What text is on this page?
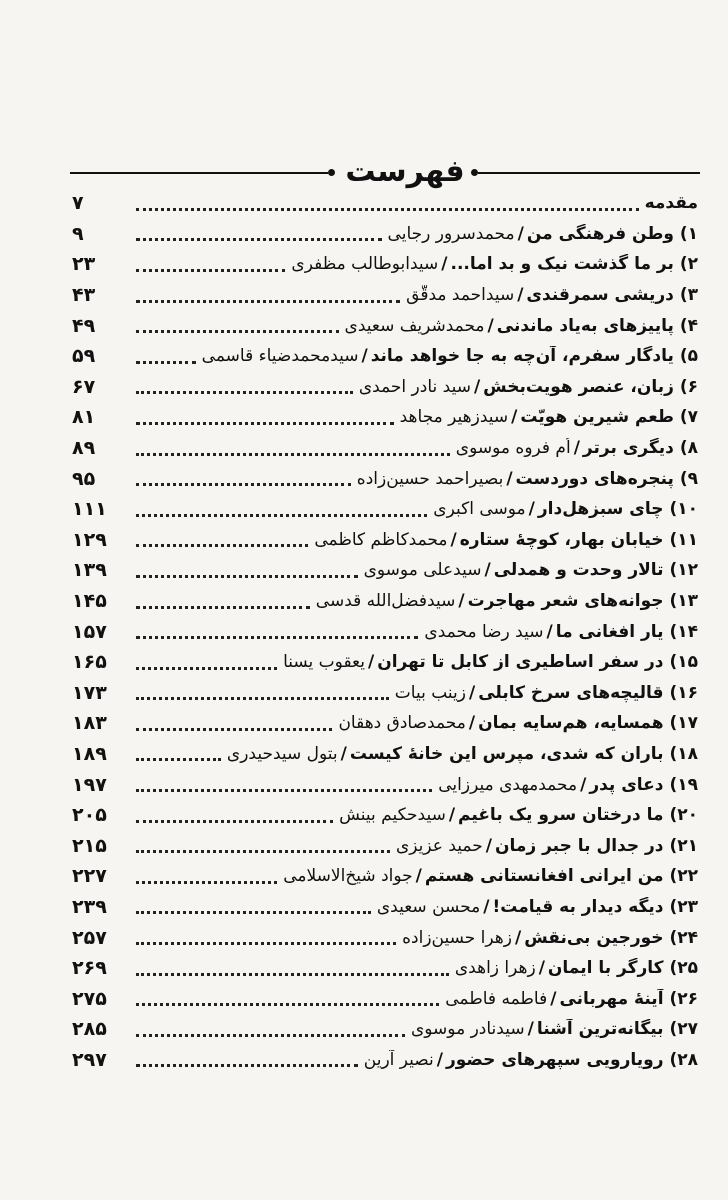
فهرست
۷	مقدمه
۹	۱) وطن فرهنگی من/محمدسرور رجایی
۲۳	۲) بر ما گذشت نیک و بد اما.../سیدابوطالب مظفری
۴۳	۳) دریشی سمرقندی/سیداحمد مدقّق
۴۹	۴) پاییزهای به‌یاد ماندنی/محمدشریف سعیدی
۵۹	۵) یادگار سفرم، آن‌چه به جا خواهد ماند/سیدمحمدضیاء قاسمی
۶۷	۶) زبان، عنصر هویت‌بخش/سید نادر احمدی
۸۱	۷) طعم شیرین هویّت/سیدزهیر مجاهد
۸۹	۸) دیگری برتر/اُم فروه موسوی
۹۵	۹) پنجره‌های دوردست/بصیراحمد حسین‌زاده
۱۱۱	۱۰) چای سبزهل‌دار/موسی اکبری
۱۲۹	۱۱) خیابان بهار، کوچهٔ ستاره/محمدکاظم کاظمی
۱۳۹	۱۲) تالار وحدت و همدلی/سیدعلی موسوی
۱۴۵	۱۳) جوانه‌های شعر مهاجرت/سیدفضل‌الله قدسی
۱۵۷	۱۴) یار افغانی ما/سید رضا محمدی
۱۶۵	۱۵) در سفر اساطیری از کابل تا تهران/یعقوب یسنا
۱۷۳	۱۶) قالیچه‌های سرخ کابلی/زینب بیات
۱۸۳	۱۷) همسایه، هم‌سایه بمان/محمدصادق دهقان
۱۸۹	۱۸) باران که شدی، مپرس این خانهٔ کیست/بتول سیدحیدری
۱۹۷	۱۹) دعای پدر/محمدمهدی میرزایی
۲۰۵	۲۰) ما درختان سرو یک باغیم/سیدحکیم بینش
۲۱۵	۲۱) در جدال با جبر زمان/حمید عزیزی
۲۲۷	۲۲) من ایرانی افغانستانی هستم/جواد شیخ‌الاسلامی
۲۳۹	۲۳) دیگه دیدار به قیامت!/محسن سعیدی
۲۵۷	۲۴) خورجین بی‌نقش/زهرا حسین‌زاده
۲۶۹	۲۵) کارگر با ایمان/زهرا زاهدی
۲۷۵	۲۶) آینهٔ مهربانی/فاطمه فاطمی
۲۸۵	۲۷) بیگانه‌ترین آشنا/سیدنادر موسوی
۲۹۷	۲۸) رویارویی سپهرهای حضور/نصیر آرین
